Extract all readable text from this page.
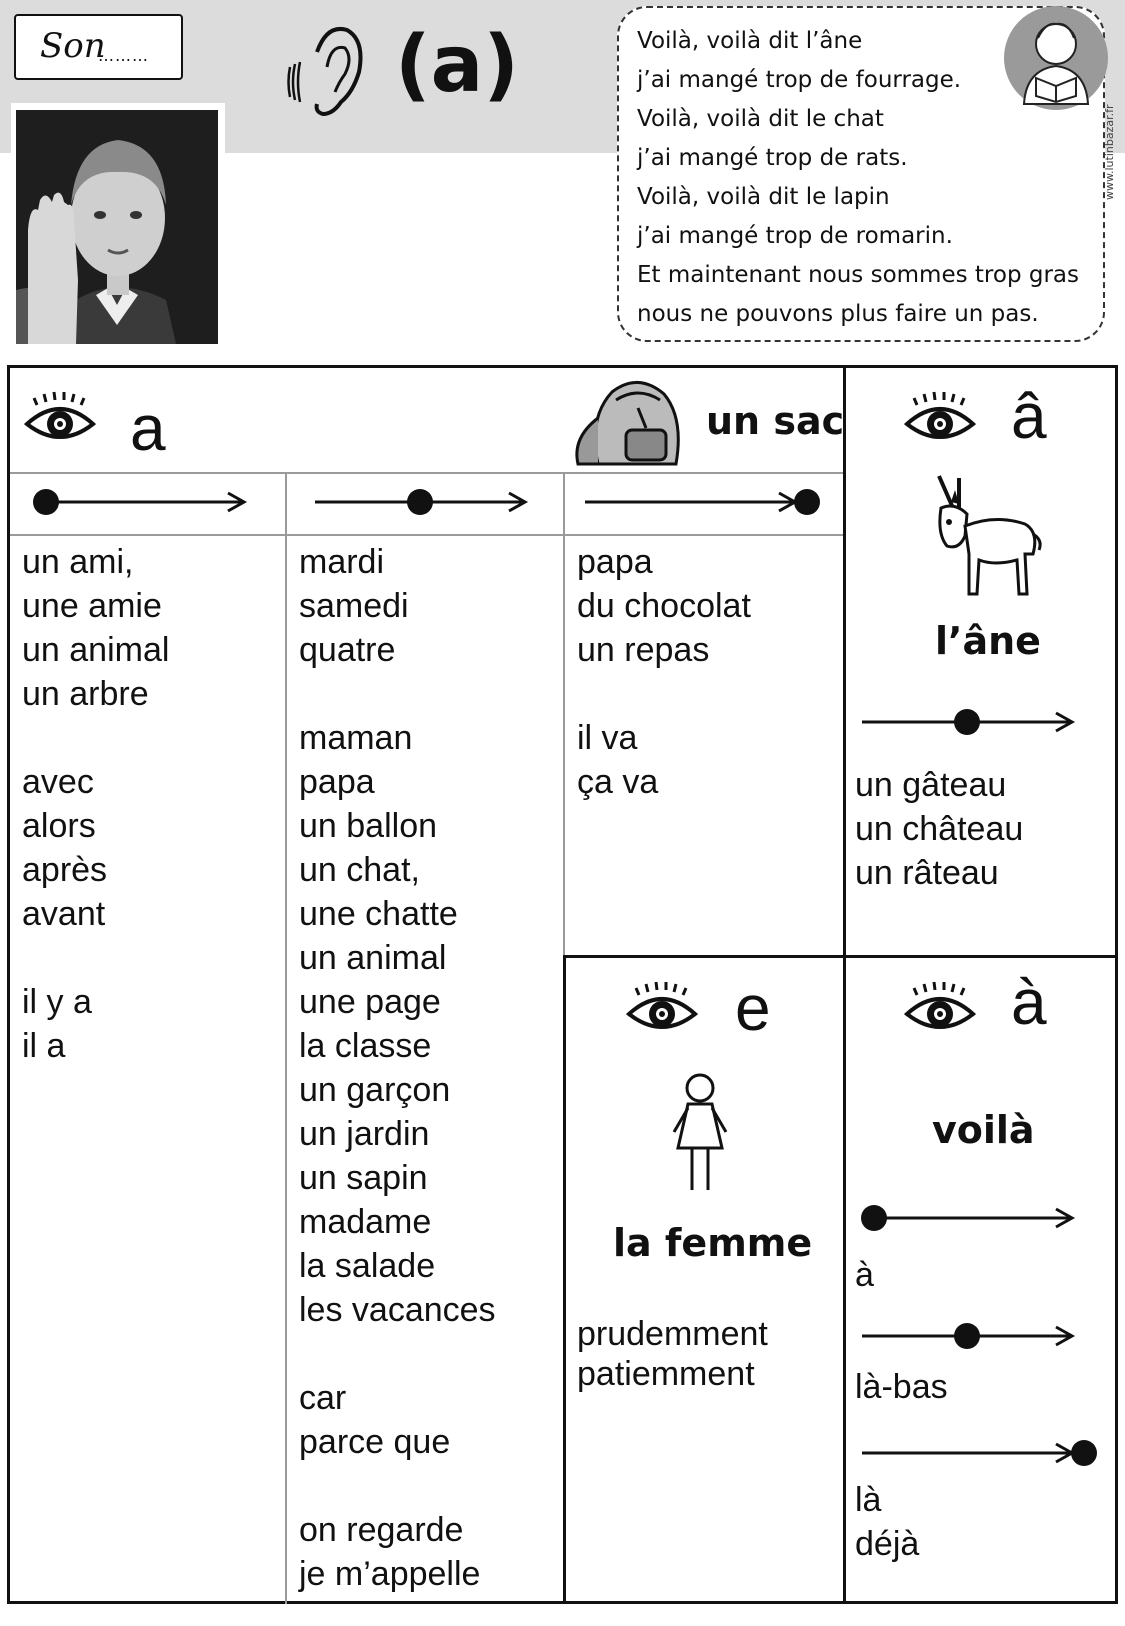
Son
………	(a)	Voilà, voilà dit l’âne
j’ai mangé trop de fourrage.
Voilà, voilà dit le chat
j’ai mangé trop de rats.
Voilà, voilà dit le lapin
j’ai mangé trop de romarin.
Et maintenant nous sommes trop gras
nous ne pouvons plus faire un pas.
www.lutinbazar.fr
a	un sac
un ami,
une amie
un animal
un arbre
avec
alors
après
avant
il y a
il a
mardi
samedi
quatre
maman
papa
un ballon
un chat,
une chatte
un animal
une page
la classe
un garçon
un jardin
un sapin
madame
la salade
les vacances
car
parce que
on regarde
je m’appelle
papa
du chocolat
un repas
il va
ça va
â
l’âne
un gâteau
un château
un râteau
e
la femme
prudemment
patiemment
à
voilà
à
là-bas
là
déjà
